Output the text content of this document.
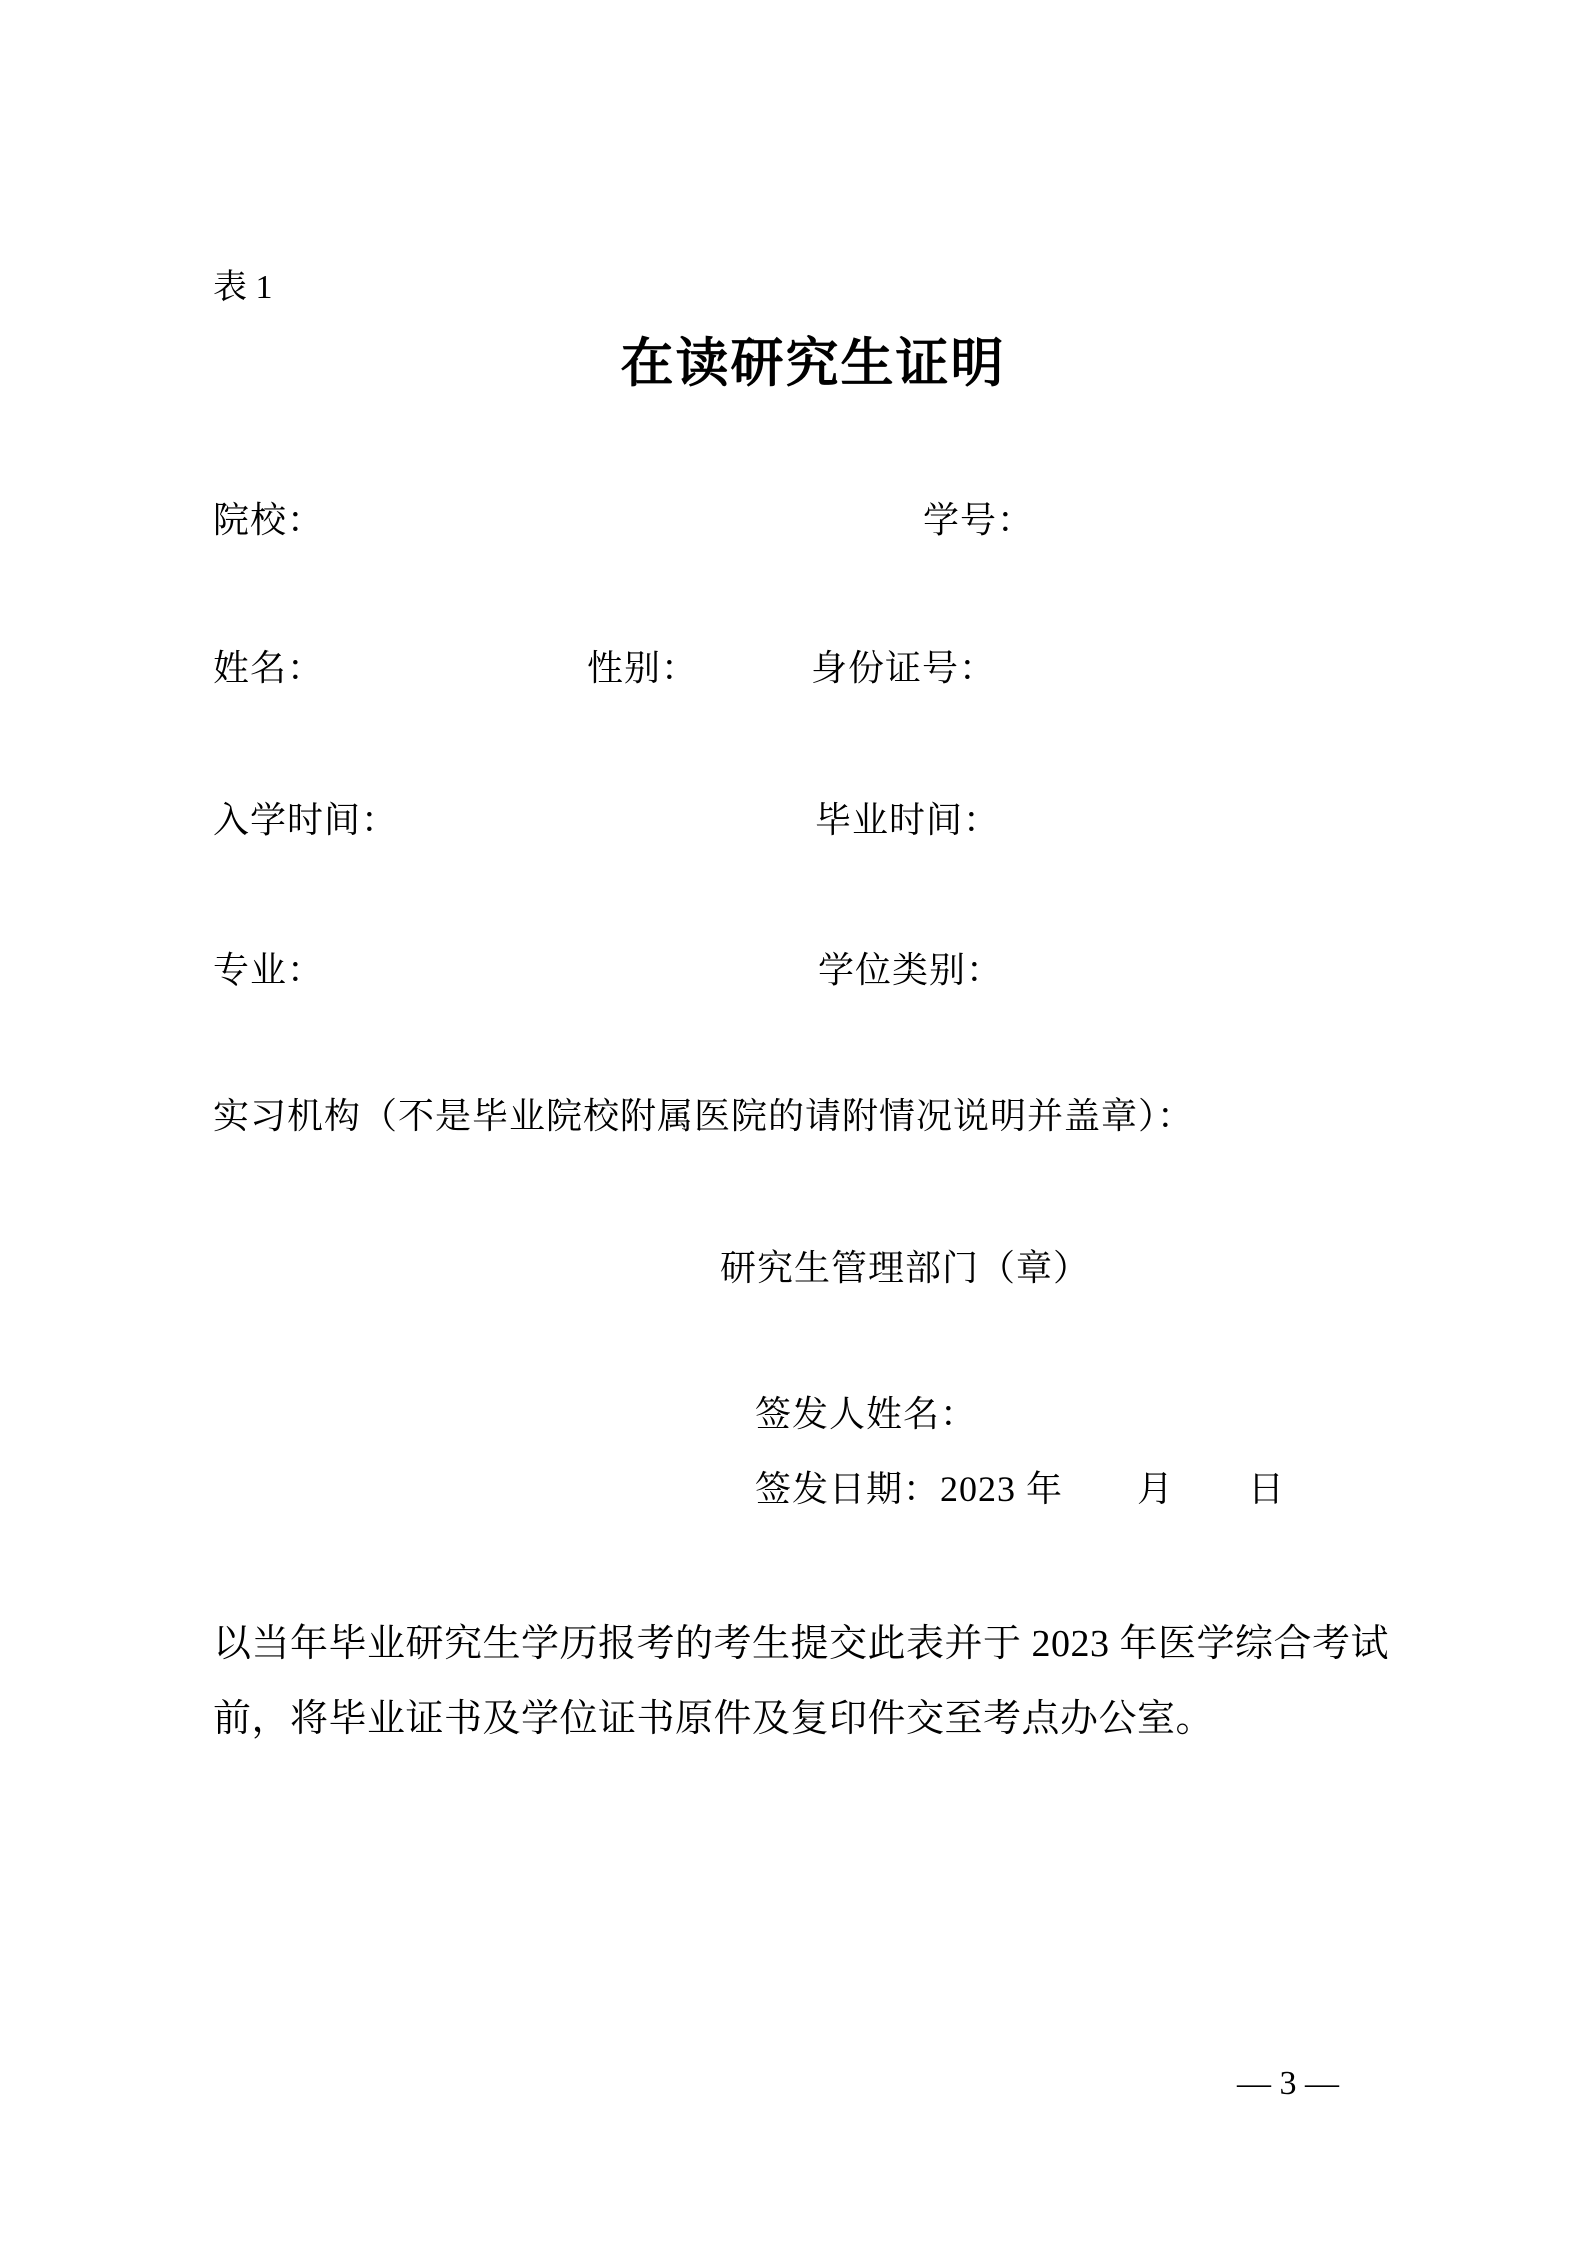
表 1
在读研究生证明
院校：	学号：
姓名：	性别：	身份证号：
入学时间：	毕业时间：
专业：	学位类别：
实习机构（不是毕业院校附属医院的请附情况说明并盖章）：
研究生管理部门（章）
签发人姓名：
签发日期：2023 年　　月　　日
以当年毕业研究生学历报考的考生提交此表并于 2023 年医学综合考试
前，将毕业证书及学位证书原件及复印件交至考点办公室。
— 3 —
